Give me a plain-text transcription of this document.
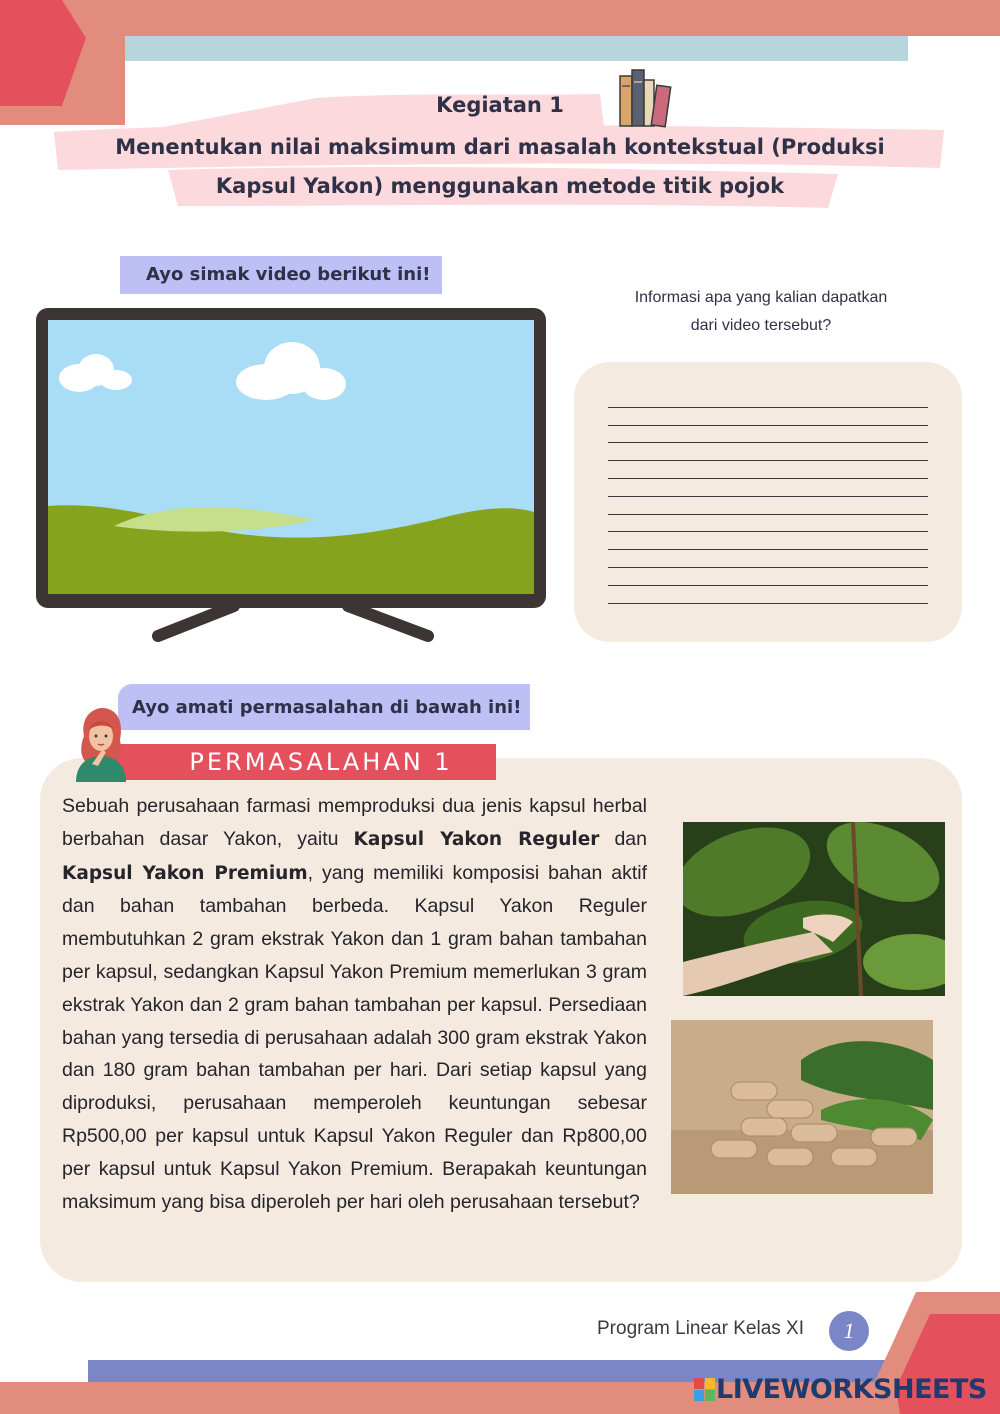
Kegiatan 1
Menentukan nilai maksimum dari masalah kontekstual (Produksi
Kapsul Yakon) menggunakan metode titik pojok
Ayo simak video berikut ini!
Informasi apa yang kalian dapatkan
dari video tersebut?
Ayo amati permasalahan di bawah ini!
PERMASALAHAN 1
Sebuah perusahaan farmasi memproduksi dua jenis kapsul herbal berbahan dasar Yakon, yaitu Kapsul Yakon Reguler dan Kapsul Yakon Premium, yang memiliki komposisi bahan aktif dan bahan tambahan berbeda. Kapsul Yakon Reguler membutuhkan 2 gram ekstrak Yakon dan 1 gram bahan tambahan per kapsul, sedangkan Kapsul Yakon Premium memerlukan 3 gram ekstrak Yakon dan 2 gram bahan tambahan per kapsul. Persediaan bahan yang tersedia di perusahaan adalah 300 gram ekstrak Yakon dan 180 gram bahan tambahan per hari. Dari setiap kapsul yang diproduksi, perusahaan memperoleh keuntungan sebesar Rp500,00 per kapsul untuk Kapsul Yakon Reguler dan Rp800,00 per kapsul untuk Kapsul Yakon Premium. Berapakah keuntungan maksimum yang bisa diperoleh per hari oleh perusahaan tersebut?
Program Linear Kelas XI	1
LIVEWORKSHEETS
